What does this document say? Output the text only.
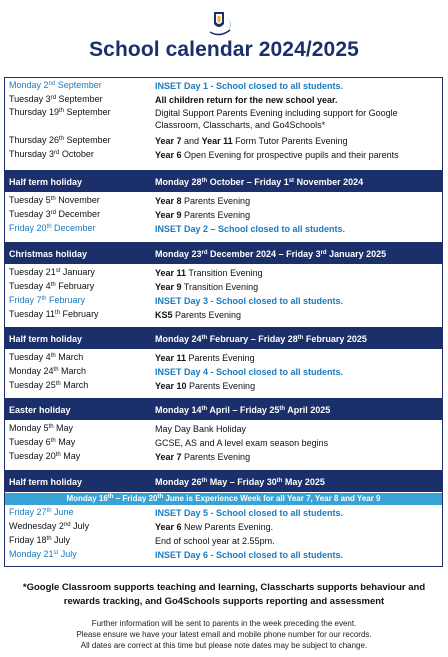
School calendar 2024/2025
Monday 2nd September	INSET Day 1 - School closed to all students.
Tuesday 3rd September	All children return for the new school year.
Thursday 19th September	Digital Support Parents Evening including support for Google Classroom, Classcharts, and Go4Schools*
Thursday 26th September	Year 7 and Year 11 Form Tutor Parents Evening
Thursday 3rd October	Year 6 Open Evening for prospective pupils and their parents
Half term holiday	Monday 28th October – Friday 1st November 2024
Tuesday 5th November	Year 8 Parents Evening
Tuesday 3rd December	Year 9 Parents Evening
Friday 20th December	INSET Day 2 – School closed to all students.
Christmas holiday	Monday 23rd December 2024 – Friday 3rd January 2025
Tuesday 21st January	Year 11 Transition Evening
Tuesday 4th February	Year 9 Transition Evening
Friday 7th February	INSET Day 3 - School closed to all students.
Tuesday 11th February	KS5 Parents Evening
Half term holiday	Monday 24th February – Friday 28th February 2025
Tuesday 4th March	Year 11 Parents Evening
Monday 24th March	INSET Day 4 - School closed to all students.
Tuesday 25th March	Year 10 Parents Evening
Easter holiday	Monday 14th April – Friday 25th April 2025
Monday 5th May	May Day Bank Holiday
Tuesday 6th May	GCSE, AS and A level exam season begins
Tuesday 20th May	Year 7 Parents Evening
Half term holiday	Monday 26th May – Friday 30th May 2025
Monday 16th – Friday 20th June is Experience Week for all Year 7, Year 8 and Year 9
Friday 27th June	INSET Day 5 - School closed to all students.
Wednesday 2nd July	Year 6 New Parents Evening.
Friday 18th July	End of school year at 2.55pm.
Monday 21st July	INSET Day 6 - School closed to all students.
*Google Classroom supports teaching and learning, Classcharts supports behaviour and
rewards tracking, and Go4Schools supports reporting and assessment
Further information will be sent to parents in the week preceding the event.
Please ensure we have your latest email and mobile phone number for our records.
All dates are correct at this time but please note dates may be subject to change.
